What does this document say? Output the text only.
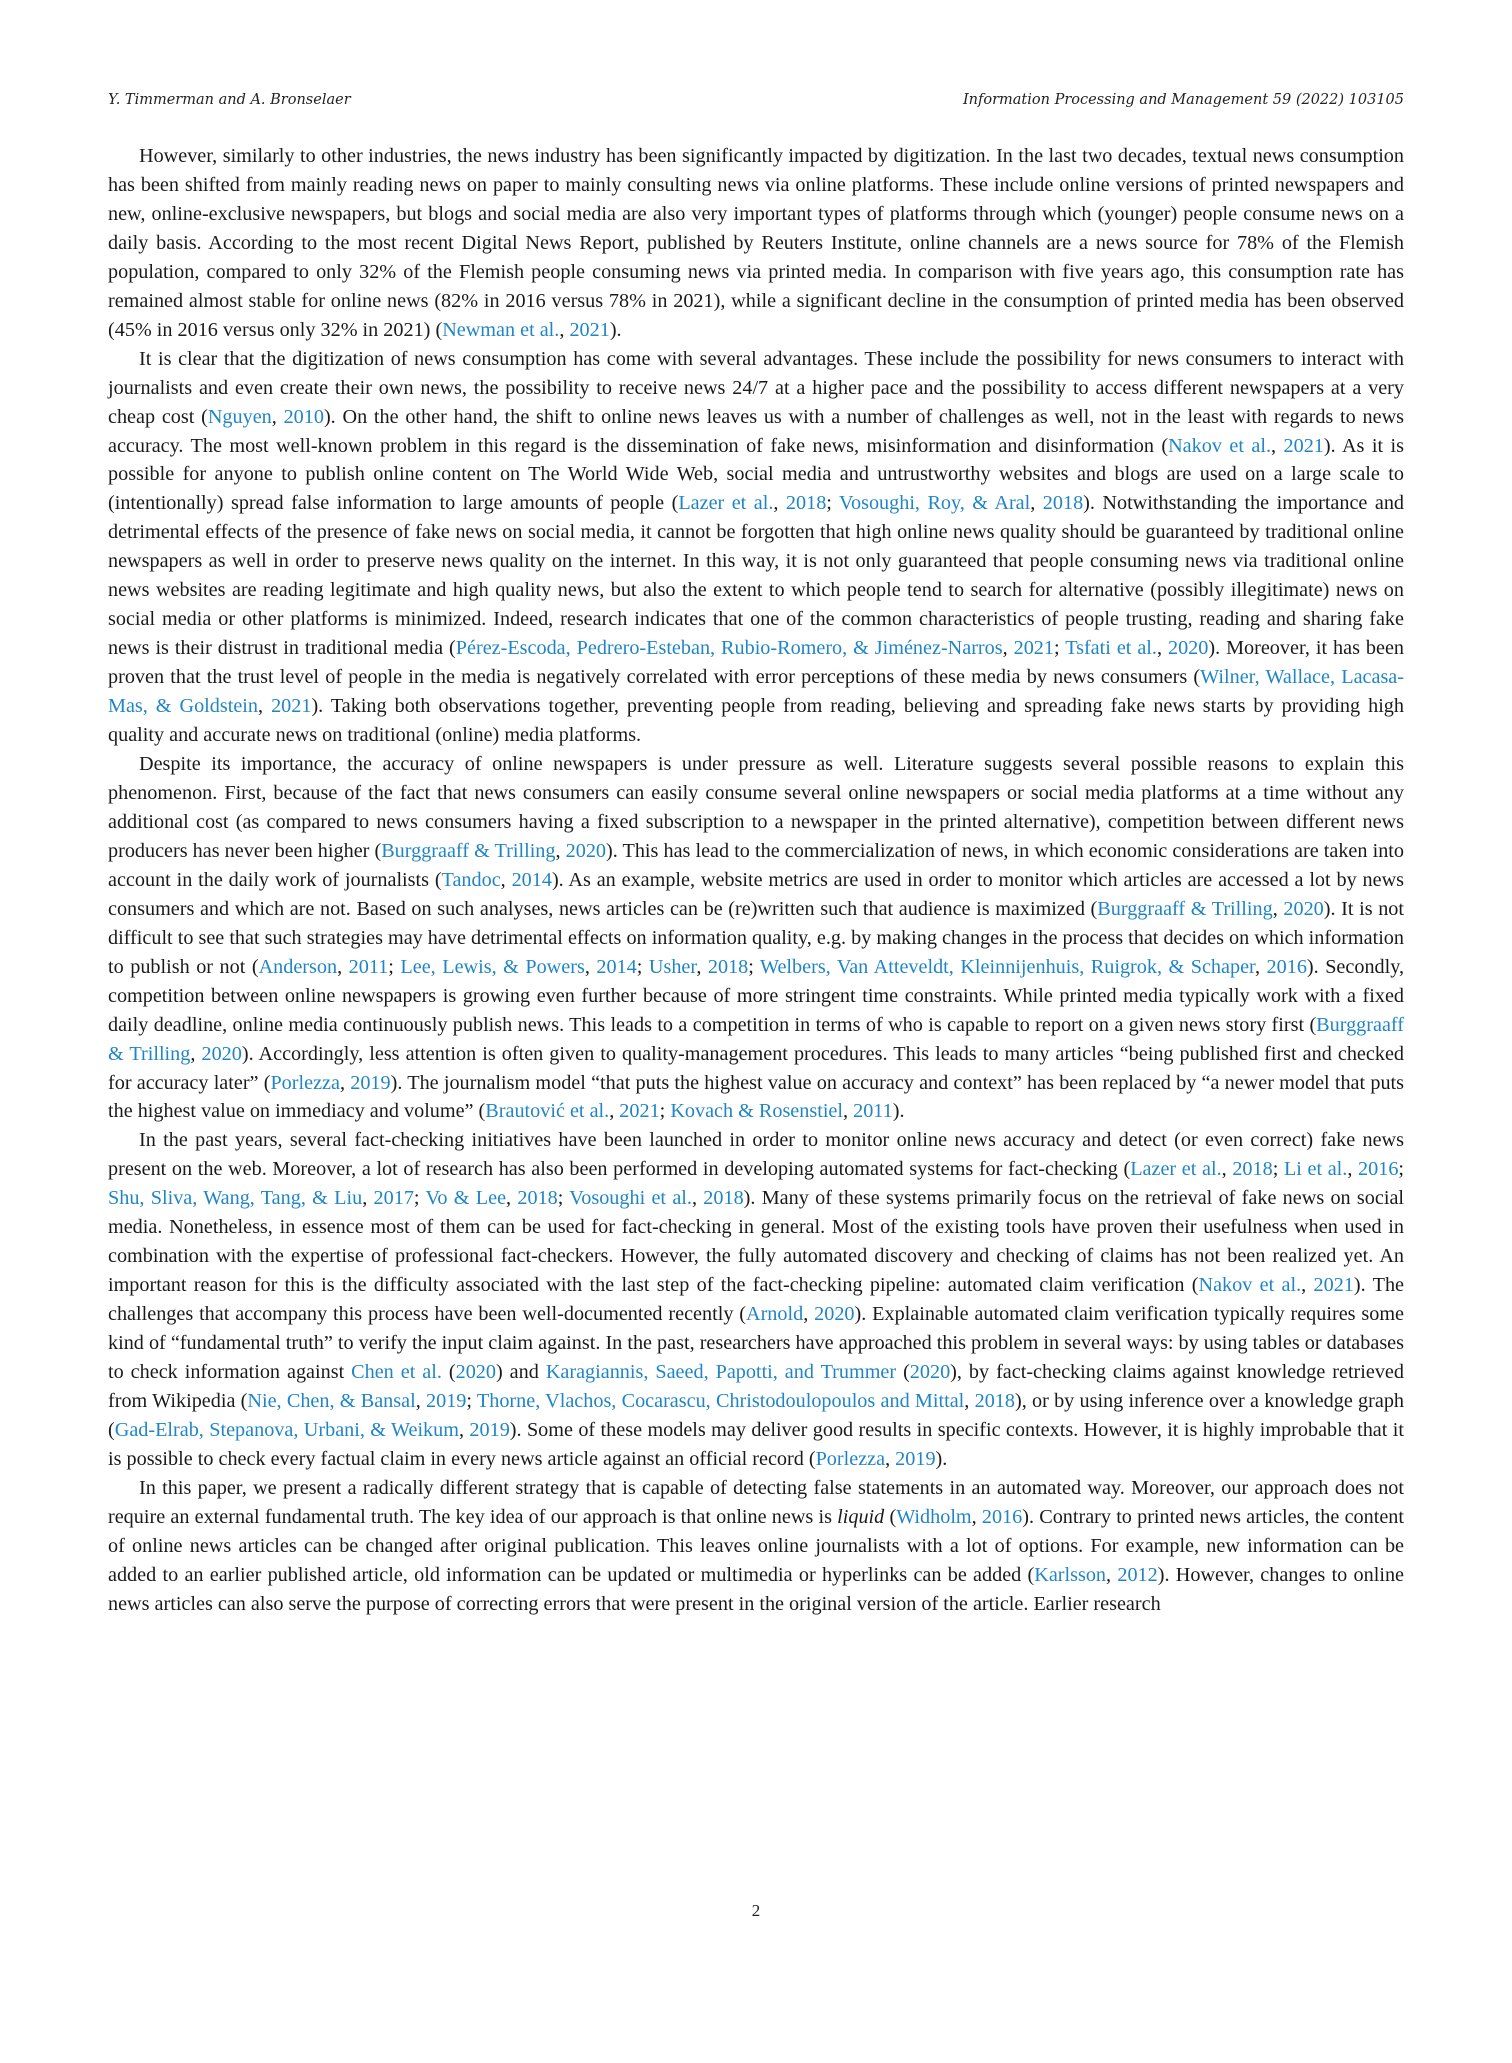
Y. Timmerman and A. Bronselaer	Information Processing and Management 59 (2022) 103105

However, similarly to other industries, the news industry has been significantly impacted by digitization. In the last two decades, textual news consumption has been shifted from mainly reading news on paper to mainly consulting news via online platforms. These include online versions of printed newspapers and new, online-exclusive newspapers, but blogs and social media are also very important types of platforms through which (younger) people consume news on a daily basis. According to the most recent Digital News Report, published by Reuters Institute, online channels are a news source for 78% of the Flemish population, compared to only 32% of the Flemish people consuming news via printed media. In comparison with five years ago, this consumption rate has remained almost stable for online news (82% in 2016 versus 78% in 2021), while a significant decline in the consumption of printed media has been observed (45% in 2016 versus only 32% in 2021) (Newman et al., 2021).

It is clear that the digitization of news consumption has come with several advantages. These include the possibility for news consumers to interact with journalists and even create their own news, the possibility to receive news 24/7 at a higher pace and the possibility to access different newspapers at a very cheap cost (Nguyen, 2010). On the other hand, the shift to online news leaves us with a number of challenges as well, not in the least with regards to news accuracy. The most well-known problem in this regard is the dissemination of fake news, misinformation and disinformation (Nakov et al., 2021). As it is possible for anyone to publish online content on The World Wide Web, social media and untrustworthy websites and blogs are used on a large scale to (intentionally) spread false information to large amounts of people (Lazer et al., 2018; Vosoughi, Roy, & Aral, 2018). Notwithstanding the importance and detrimental effects of the presence of fake news on social media, it cannot be forgotten that high online news quality should be guaranteed by traditional online newspapers as well in order to preserve news quality on the internet. In this way, it is not only guaranteed that people consuming news via traditional online news websites are reading legitimate and high quality news, but also the extent to which people tend to search for alternative (possibly illegitimate) news on social media or other platforms is minimized. Indeed, research indicates that one of the common characteristics of people trusting, reading and sharing fake news is their distrust in traditional media (Pérez-Escoda, Pedrero-Esteban, Rubio-Romero, & Jiménez-Narros, 2021; Tsfati et al., 2020). Moreover, it has been proven that the trust level of people in the media is negatively correlated with error perceptions of these media by news consumers (Wilner, Wallace, Lacasa-Mas, & Goldstein, 2021). Taking both observations together, preventing people from reading, believing and spreading fake news starts by providing high quality and accurate news on traditional (online) media platforms.

Despite its importance, the accuracy of online newspapers is under pressure as well. Literature suggests several possible reasons to explain this phenomenon. First, because of the fact that news consumers can easily consume several online newspapers or social media platforms at a time without any additional cost (as compared to news consumers having a fixed subscription to a newspaper in the printed alternative), competition between different news producers has never been higher (Burggraaff & Trilling, 2020). This has lead to the commercialization of news, in which economic considerations are taken into account in the daily work of journalists (Tandoc, 2014). As an example, website metrics are used in order to monitor which articles are accessed a lot by news consumers and which are not. Based on such analyses, news articles can be (re)written such that audience is maximized (Burggraaff & Trilling, 2020). It is not difficult to see that such strategies may have detrimental effects on information quality, e.g. by making changes in the process that decides on which information to publish or not (Anderson, 2011; Lee, Lewis, & Powers, 2014; Usher, 2018; Welbers, Van Atteveldt, Kleinnijenhuis, Ruigrok, & Schaper, 2016). Secondly, competition between online newspapers is growing even further because of more stringent time constraints. While printed media typically work with a fixed daily deadline, online media continuously publish news. This leads to a competition in terms of who is capable to report on a given news story first (Burggraaff & Trilling, 2020). Accordingly, less attention is often given to quality-management procedures. This leads to many articles “being published first and checked for accuracy later” (Porlezza, 2019). The journalism model “that puts the highest value on accuracy and context” has been replaced by “a newer model that puts the highest value on immediacy and volume” (Brautović et al., 2021; Kovach & Rosenstiel, 2011).

In the past years, several fact-checking initiatives have been launched in order to monitor online news accuracy and detect (or even correct) fake news present on the web. Moreover, a lot of research has also been performed in developing automated systems for fact-checking (Lazer et al., 2018; Li et al., 2016; Shu, Sliva, Wang, Tang, & Liu, 2017; Vo & Lee, 2018; Vosoughi et al., 2018). Many of these systems primarily focus on the retrieval of fake news on social media. Nonetheless, in essence most of them can be used for fact-checking in general. Most of the existing tools have proven their usefulness when used in combination with the expertise of professional fact-checkers. However, the fully automated discovery and checking of claims has not been realized yet. An important reason for this is the difficulty associated with the last step of the fact-checking pipeline: automated claim verification (Nakov et al., 2021). The challenges that accompany this process have been well-documented recently (Arnold, 2020). Explainable automated claim verification typically requires some kind of “fundamental truth” to verify the input claim against. In the past, researchers have approached this problem in several ways: by using tables or databases to check information against Chen et al. (2020) and Karagiannis, Saeed, Papotti, and Trummer (2020), by fact-checking claims against knowledge retrieved from Wikipedia (Nie, Chen, & Bansal, 2019; Thorne, Vlachos, Cocarascu, Christodoulopoulos and Mittal, 2018), or by using inference over a knowledge graph (Gad-Elrab, Stepanova, Urbani, & Weikum, 2019). Some of these models may deliver good results in specific contexts. However, it is highly improbable that it is possible to check every factual claim in every news article against an official record (Porlezza, 2019).

In this paper, we present a radically different strategy that is capable of detecting false statements in an automated way. Moreover, our approach does not require an external fundamental truth. The key idea of our approach is that online news is liquid (Widholm, 2016). Contrary to printed news articles, the content of online news articles can be changed after original publication. This leaves online journalists with a lot of options. For example, new information can be added to an earlier published article, old information can be updated or multimedia or hyperlinks can be added (Karlsson, 2012). However, changes to online news articles can also serve the purpose of correcting errors that were present in the original version of the article. Earlier research

2
